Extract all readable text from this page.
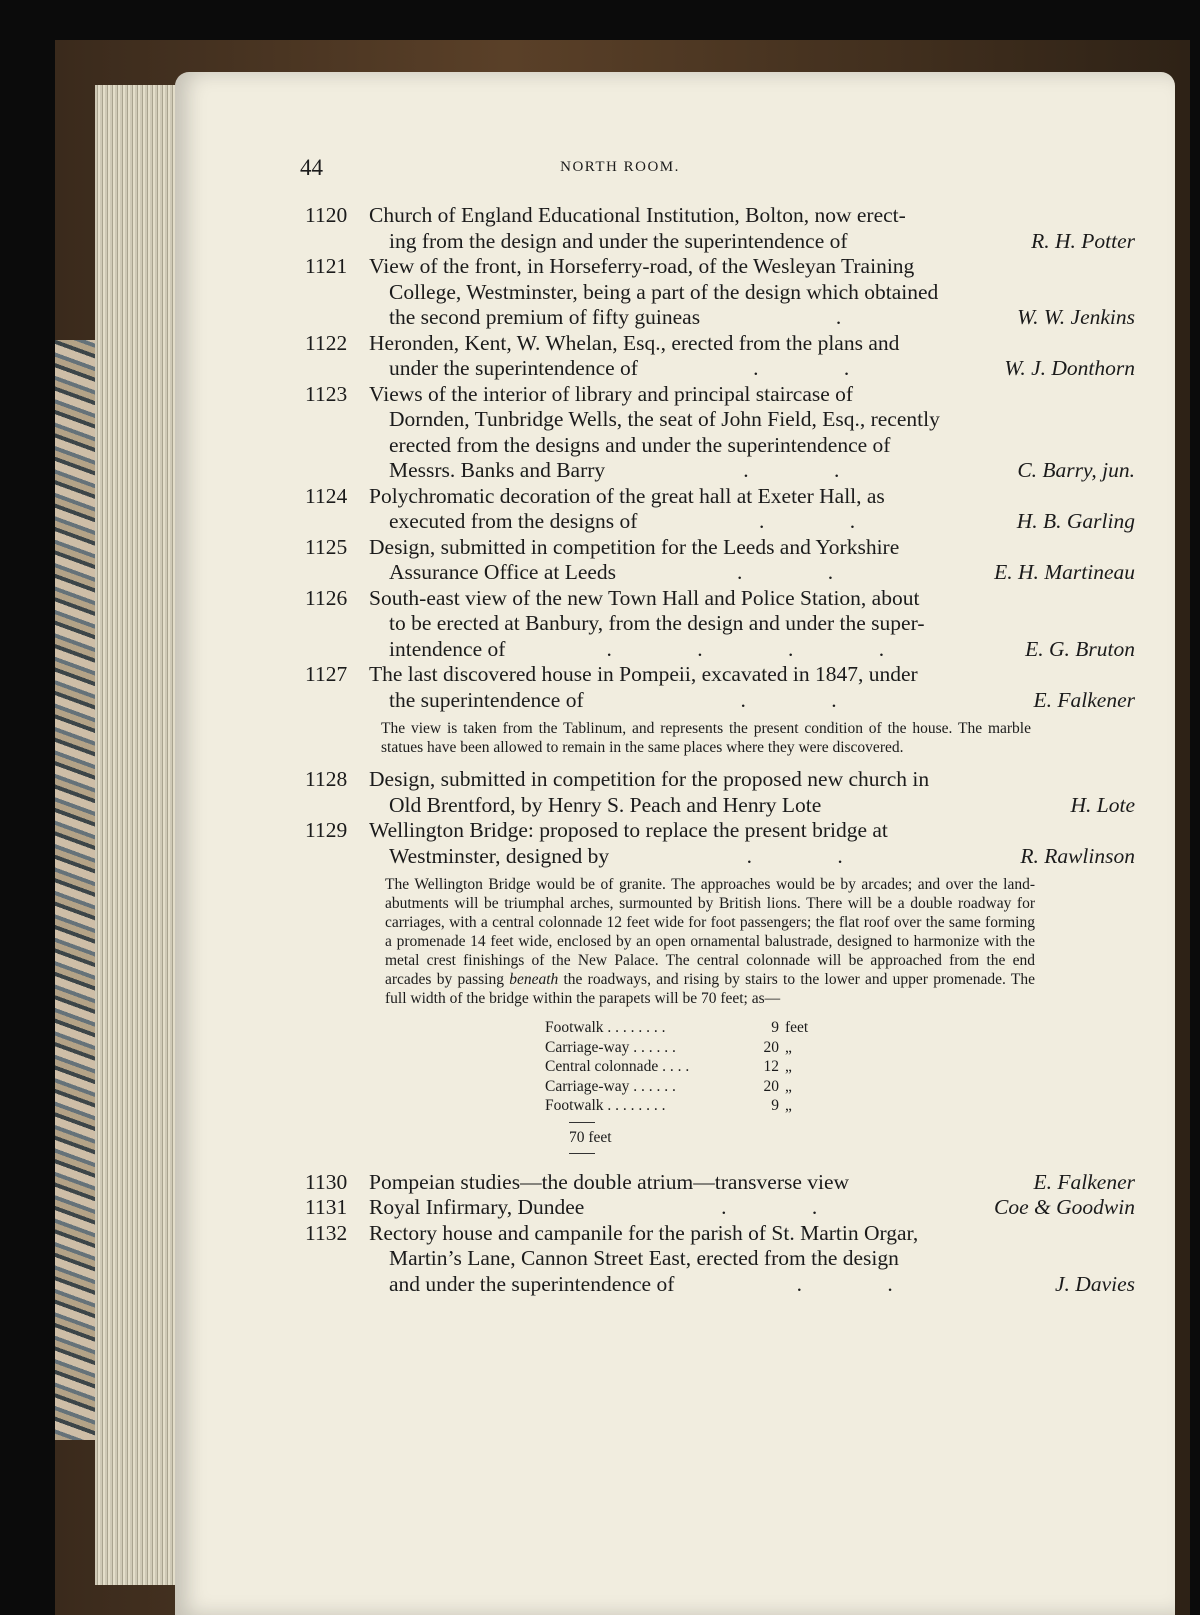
44	NORTH ROOM.
1120	Church of England Educational Institution, Bolton, now erect-
ing from the design and under the superintendence of	R. H. Potter
1121	View of the front, in Horseferry-road, of the Wesleyan Training
College, Westminster, being a part of the design which obtained
the second premium of fifty guineas	.	W. W. Jenkins
1122	Heronden, Kent, W. Whelan, Esq., erected from the plans and
under the superintendence of	. .	W. J. Donthorn
1123	Views of the interior of library and principal staircase of
Dornden, Tunbridge Wells, the seat of John Field, Esq., recently
erected from the designs and under the superintendence of
Messrs. Banks and Barry	. .	C. Barry, jun.
1124	Polychromatic decoration of the great hall at Exeter Hall, as
executed from the designs of	. .	H. B. Garling
1125	Design, submitted in competition for the Leeds and Yorkshire
Assurance Office at Leeds	. .	E. H. Martineau
1126	South-east view of the new Town Hall and Police Station, about
to be erected at Banbury, from the design and under the super-
intendence of	. . . .	E. G. Bruton
1127	The last discovered house in Pompeii, excavated in 1847, under
the superintendence of	. .	E. Falkener
The view is taken from the Tablinum, and represents the present condition of the house. The marble statues have been allowed to remain in the same places where they were discovered.
1128	Design, submitted in competition for the proposed new church in
Old Brentford, by Henry S. Peach and Henry Lote	H. Lote
1129	Wellington Bridge: proposed to replace the present bridge at
Westminster, designed by	. .	R. Rawlinson
The Wellington Bridge would be of granite. The approaches would be by arcades; and over the land-abutments will be triumphal arches, surmounted by British lions. There will be a double roadway for carriages, with a central colonnade 12 feet wide for foot passengers; the flat roof over the same forming a promenade 14 feet wide, enclosed by an open ornamental balustrade, designed to harmonize with the metal crest finishings of the New Palace. The central colonnade will be approached from the end arcades by passing beneath the roadways, and rising by stairs to the lower and upper promenade. The full width of the bridge within the parapets will be 70 feet; as—
Footwalk . . . . . . . .	9 feet
Carriage-way . . . . . .	20 „
Central colonnade . . . .	12 „
Carriage-way . . . . . .	20 „
Footwalk . . . . . . . .	9 „
70 feet
1130	Pompeian studies—the double atrium—transverse view	E. Falkener
1131	Royal Infirmary, Dundee	. .	Coe & Goodwin
1132	Rectory house and campanile for the parish of St. Martin Orgar,
Martin’s Lane, Cannon Street East, erected from the design
and under the superintendence of	. .	J. Davies
